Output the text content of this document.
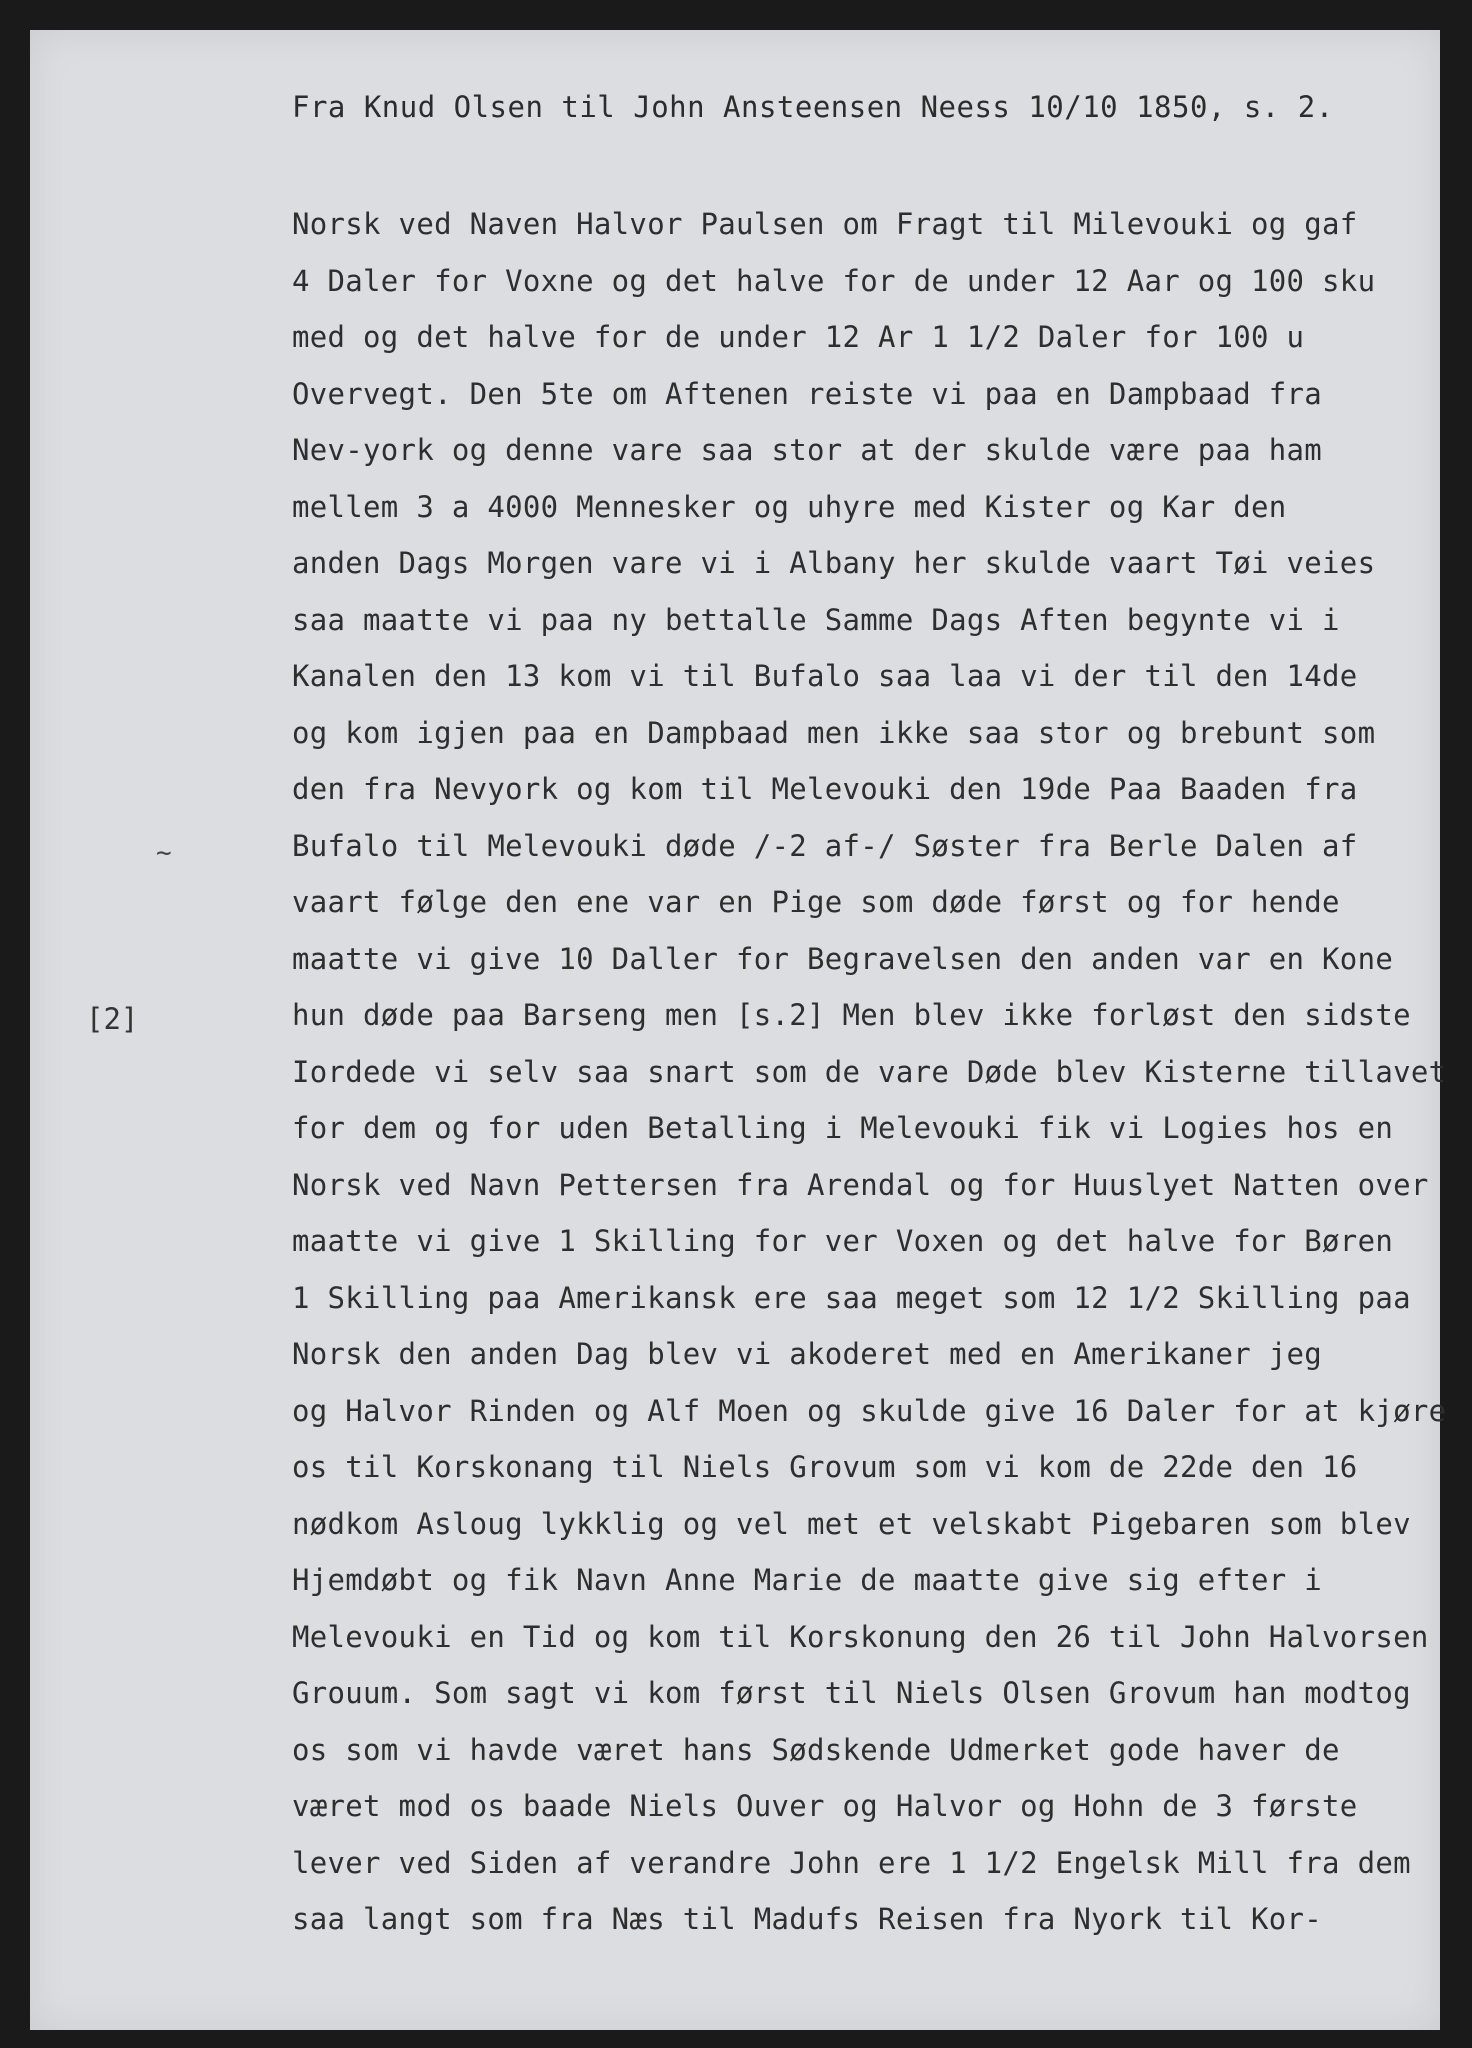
Fra Knud Olsen til John Ansteensen Neess 10/10 1850, s. 2.
~
[2]
Norsk ved Naven Halvor Paulsen om Fragt til Milevouki og gaf
4 Daler for Voxne og det halve for de under 12 Aar og 100 sku
med og det halve for de under 12 Ar 1 1/2 Daler for 100 u
Overvegt. Den 5te om Aftenen reiste vi paa en Dampbaad fra
Nev-york og denne vare saa stor at der skulde være paa ham
mellem 3 a 4000 Mennesker og uhyre med Kister og Kar den
anden Dags Morgen vare vi i Albany her skulde vaart Tøi veies
saa maatte vi paa ny bettalle Samme Dags Aften begynte vi i
Kanalen den 13 kom vi til Bufalo saa laa vi der til den 14de
og kom igjen paa en Dampbaad men ikke saa stor og brebunt som
den fra Nevyork og kom til Melevouki den 19de Paa Baaden fra
Bufalo til Melevouki døde /-2 af-/ Søster fra Berle Dalen af
vaart følge den ene var en Pige som døde først og for hende
maatte vi give 10 Daller for Begravelsen den anden var en Kone
hun døde paa Barseng men [s.2] Men blev ikke forløst den sidste
Iordede vi selv saa snart som de vare Døde blev Kisterne tillavet
for dem og for uden Betalling i Melevouki fik vi Logies hos en
Norsk ved Navn Pettersen fra Arendal og for Huuslyet Natten over
maatte vi give 1 Skilling for ver Voxen og det halve for Børen
1 Skilling paa Amerikansk ere saa meget som 12 1/2 Skilling paa
Norsk den anden Dag blev vi akoderet med en Amerikaner jeg
og Halvor Rinden og Alf Moen og skulde give 16 Daler for at kjøre
os til Korskonang til Niels Grovum som vi kom de 22de den 16
nødkom Asloug lykklig og vel met et velskabt Pigebaren som blev
Hjemdøbt og fik Navn Anne Marie de maatte give sig efter i
Melevouki en Tid og kom til Korskonung den 26 til John Halvorsen
Grouum. Som sagt vi kom først til Niels Olsen Grovum han modtog
os som vi havde været hans Sødskende Udmerket gode haver de
været mod os baade Niels Ouver og Halvor og Hohn de 3 første
lever ved Siden af verandre John ere 1 1/2 Engelsk Mill fra dem
saa langt som fra Næs til Madufs Reisen fra Nyork til Kor-
